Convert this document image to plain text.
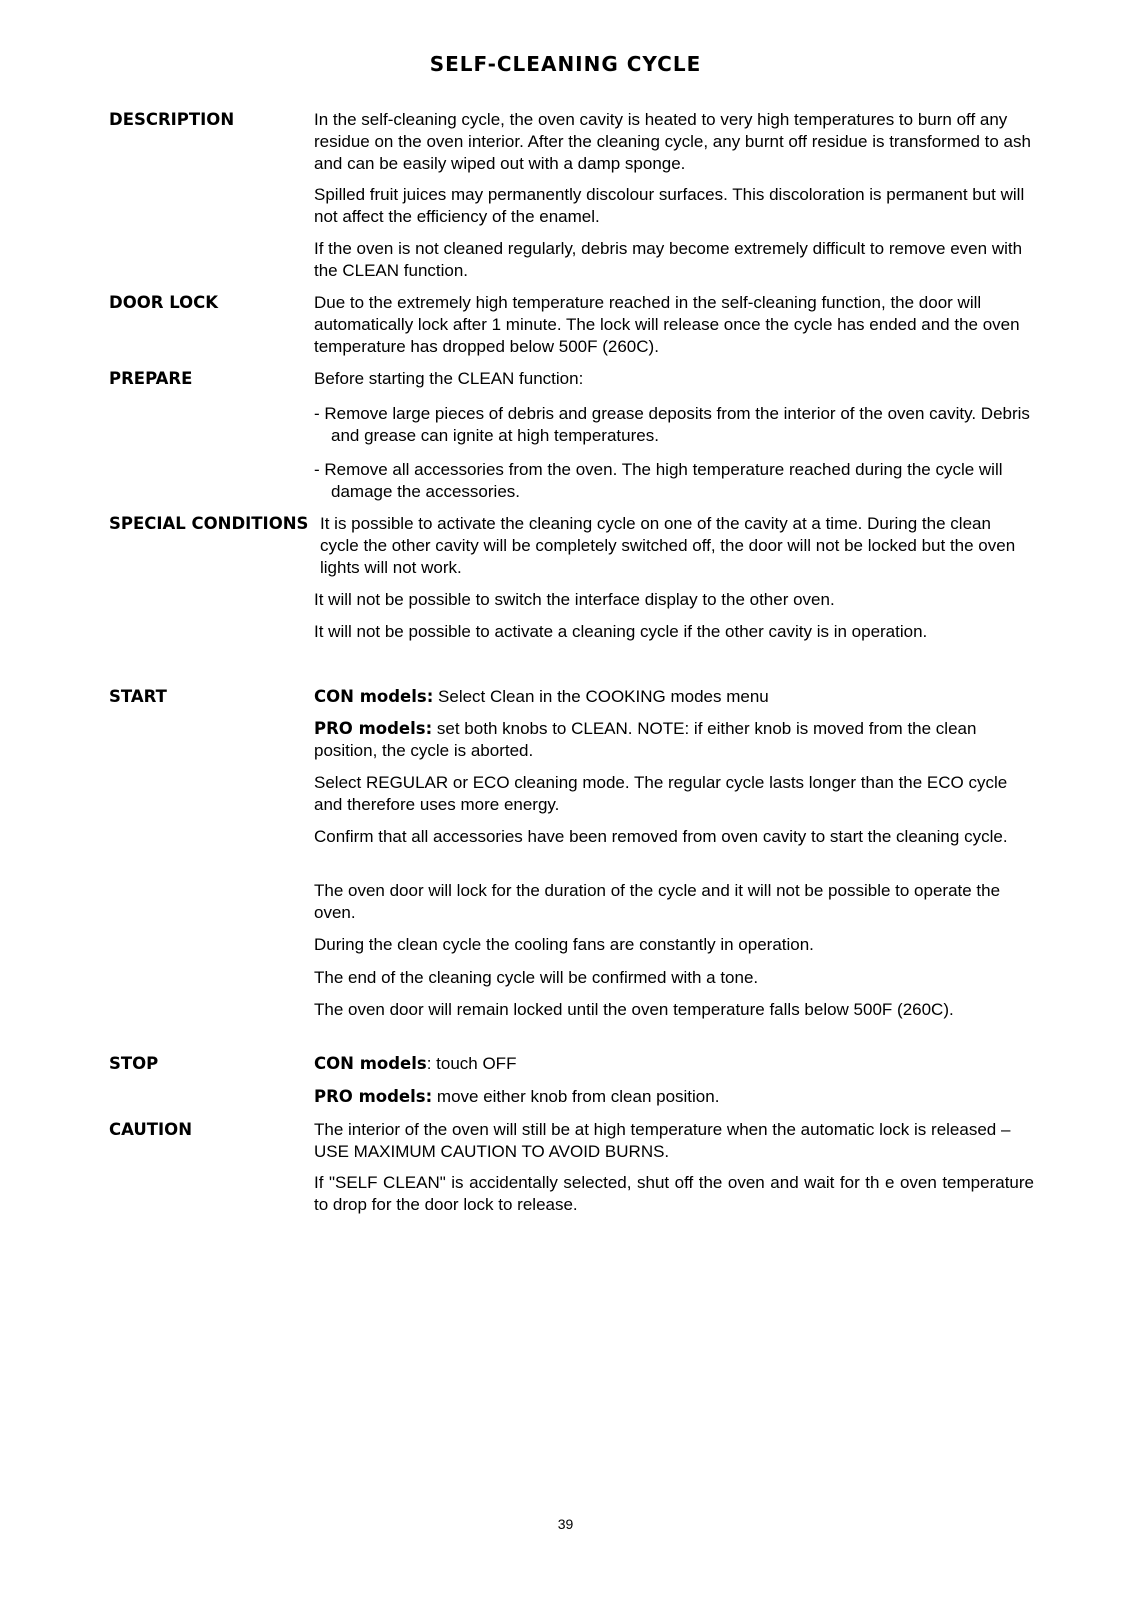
SELF-CLEANING CYCLE
DESCRIPTION	In the self-cleaning cycle, the oven cavity is heated to very high temperatures to burn off any residue on the oven interior. After the cleaning cycle, any burnt off residue is transformed to ash and can be easily wiped out with a damp sponge.
Spilled fruit juices may permanently discolour surfaces. This discoloration is permanent but will not affect the efficiency of the enamel.
If the oven is not cleaned regularly, debris may become extremely difficult to remove even with the CLEAN function.
DOOR LOCK	Due to the extremely high temperature reached in the self-cleaning function, the door will automatically lock after 1 minute. The lock will release once the cycle has ended and the oven temperature has dropped below 500F (260C).
PREPARE	Before starting the CLEAN function:
- Remove large pieces of debris and grease deposits from the interior of the oven cavity. Debris and grease can ignite at high temperatures.
- Remove all accessories from the oven. The high temperature reached during the cycle will damage the accessories.
SPECIAL CONDITIONS It is possible to activate the cleaning cycle on one of the cavity at a time. During the clean cycle the other cavity will be completely switched off, the door will not be locked but the oven lights will not work.
It will not be possible to switch the interface display to the other oven.
It will not be possible to activate a cleaning cycle if the other cavity is in operation.
START	CON models: Select Clean in the COOKING modes menu
PRO models: set both knobs to CLEAN. NOTE: if either knob is moved from the clean position, the cycle is aborted.
Select REGULAR or ECO cleaning mode. The regular cycle lasts longer than the ECO cycle and therefore uses more energy.
Confirm that all accessories have been removed from oven cavity to start the cleaning cycle.
The oven door will lock for the duration of the cycle and it will not be possible to operate the oven.
During the clean cycle the cooling fans are constantly in operation.
The end of the cleaning cycle will be confirmed with a tone.
The oven door will remain locked until the oven temperature falls below 500F (260C).
STOP	CON models: touch OFF
PRO models: move either knob from clean position.
CAUTION	The interior of the oven will still be at high temperature when the automatic lock is released – USE MAXIMUM CAUTION TO AVOID BURNS.
If "SELF CLEAN" is accidentally selected, shut off the oven and wait for th e oven temperature to drop for the door lock to release.
39
